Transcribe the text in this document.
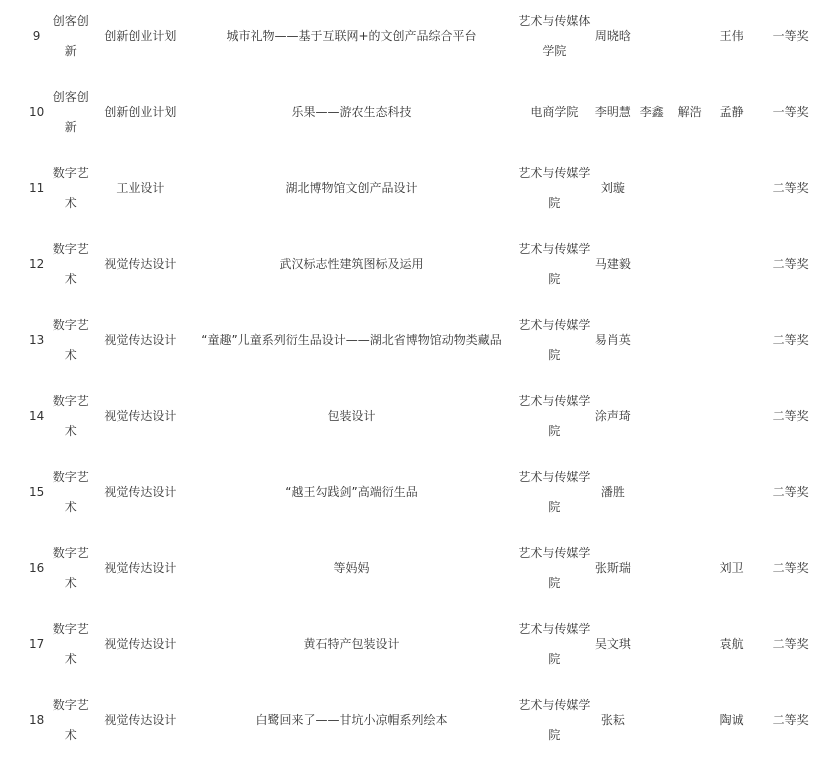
9	创客创新	创新创业计划	城市礼物——基于互联网+的文创产品综合平台	艺术与传媒体学院	周晓晗			王伟	一等奖
10	创客创新	创新创业计划	乐果——游农生态科技	电商学院	李明慧	李鑫	解浩	孟静	一等奖
11	数字艺术	工业设计	湖北博物馆文创产品设计	艺术与传媒学院	刘璇				二等奖
12	数字艺术	视觉传达设计	武汉标志性建筑图标及运用	艺术与传媒学院	马建毅				二等奖
13	数字艺术	视觉传达设计	“童趣”儿童系列衍生品设计——湖北省博物馆动物类藏品	艺术与传媒学院	易肖英				二等奖
14	数字艺术	视觉传达设计	包装设计	艺术与传媒学院	涂声琦				二等奖
15	数字艺术	视觉传达设计	“越王勾践剑”高端衍生品	艺术与传媒学院	潘胜				二等奖
16	数字艺术	视觉传达设计	等妈妈	艺术与传媒学院	张斯瑞			刘卫	二等奖
17	数字艺术	视觉传达设计	黄石特产包装设计	艺术与传媒学院	吴文琪			袁航	二等奖
18	数字艺术	视觉传达设计	白鹭回来了——甘坑小凉帽系列绘本	艺术与传媒学院	张耘			陶诚	二等奖
